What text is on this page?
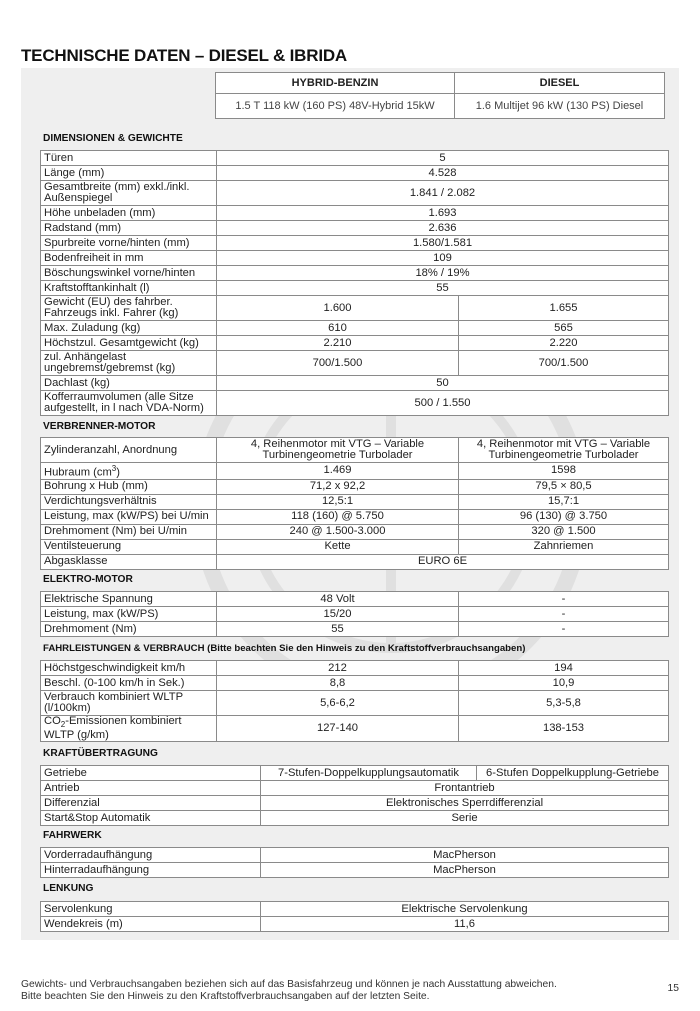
TECHNISCHE DATEN – DIESEL & IBRIDA
HYBRID-BENZIN	DIESEL
1.5 T 118 kW (160 PS) 48V-Hybrid 15kW	1.6 Multijet 96 kW (130 PS) Diesel
DIMENSIONEN & GEWICHTE
Türen	5	
Länge (mm)	4.528	
Gesamtbreite (mm) exkl./inkl. Außenspiegel	1.841 / 2.082	
Höhe unbeladen (mm)	1.693	
Radstand (mm)	2.636	
Spurbreite vorne/hinten (mm)	1.580/1.581	
Bodenfreiheit in mm	109	
Böschungswinkel vorne/hinten	18% / 19%	
Kraftstofftankinhalt (l)	55	
Gewicht (EU) des fahrber. Fahrzeugs inkl. Fahrer (kg)	1.600	1.655
Max. Zuladung (kg)	610	565
Höchstzul. Gesamtgewicht (kg)	2.210	2.220
zul. Anhängelast ungebremst/gebremst (kg)	700/1.500	700/1.500
Dachlast (kg)	50	
Kofferraumvolumen (alle Sitze aufgestellt, in l nach VDA-Norm)	500 / 1.550	
VERBRENNER-MOTOR
Zylinderanzahl, Anordnung	4, Reihenmotor mit VTG – Variable Turbinengeometrie Turbolader	4, Reihenmotor mit VTG – Variable Turbinengeometrie Turbolader
Hubraum $(cm^3)$	1.469	1598
Bohrung x Hub (mm)	71,2 x 92,2	79,5 × 80,5
Verdichtungsverhältnis	12,5:1	15,7:1
Leistung, max (kW/PS) bei U/min	118 (160) @ 5.750	96 (130) @ 3.750
Drehmoment (Nm) bei U/min	240 @ 1.500-3.000	320 @ 1.500
Ventilsteuerung	Kette	Zahnriemen
Abgasklasse	EURO 6E	
ELEKTRO-MOTOR
Elektrische Spannung	48 Volt	-
Leistung, max (kW/PS)	15/20	-
Drehmoment (Nm)	55	-
FAHRLEISTUNGEN & VERBRAUCH (Bitte beachten Sie den Hinweis zu den Kraftstoffverbrauchsangaben)
Höchstgeschwindigkeit km/h	212	194
Beschl. (0-100 km/h in Sek.)	8,8	10,9
Verbrauch kombiniert WLTP (l/100km)	5,6-6,2	5,3-5,8
$CO_2$-Emissionen kombiniert WLTP (g/km)	127-140	138-153
KRAFTÜBERTRAGUNG
Getriebe	7-Stufen-Doppelkupplungsautomatik	6-Stufen Doppelkupplung-Getriebe
Antrieb	Frontantrieb	
Differenzial	Elektronisches Sperrdifferenzial	
Start&Stop Automatik	Serie	
FAHRWERK
Vorderradaufhängung	MacPherson
Hinterradaufhängung	MacPherson
LENKUNG
Servolenkung	Elektrische Servolenkung
Wendekreis (m)	11,6
Gewichts- und Verbrauchsangaben beziehen sich auf das Basisfahrzeug und können je nach Ausstattung abweichen.
Bitte beachten Sie den Hinweis zu den Kraftstoffverbrauchsangaben auf der letzten Seite.
15
